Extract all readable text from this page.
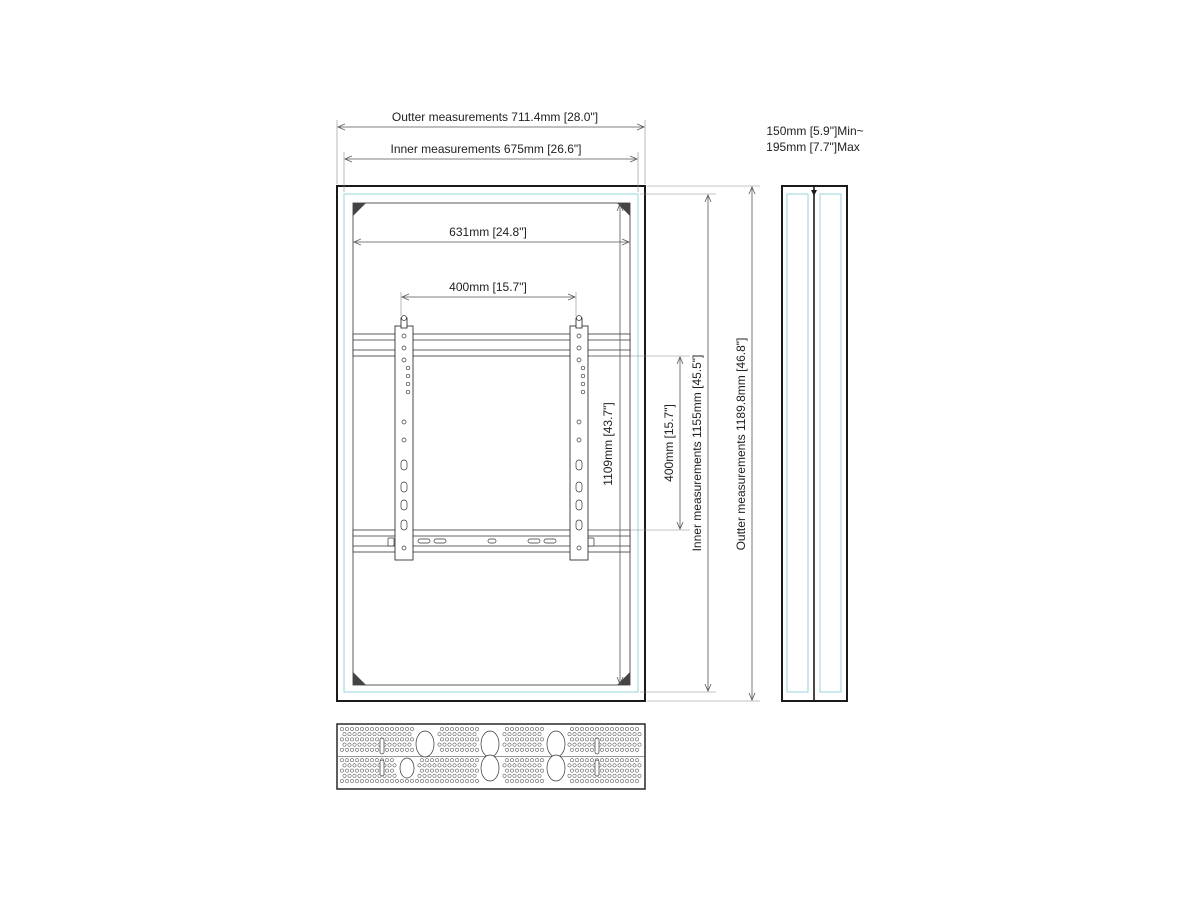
Outter measurements 711.4mm [28.0"]
Inner measurements 675mm [26.6"]
631mm [24.8"]
400mm [15.7"]
1109mm [43.7"]	400mm [15.7"] Inner measurements 1155mm [45.5"]	Outter measurements 1189.8mm [46.8"]
150mm [5.9"]Min~
195mm [7.7"]Max
